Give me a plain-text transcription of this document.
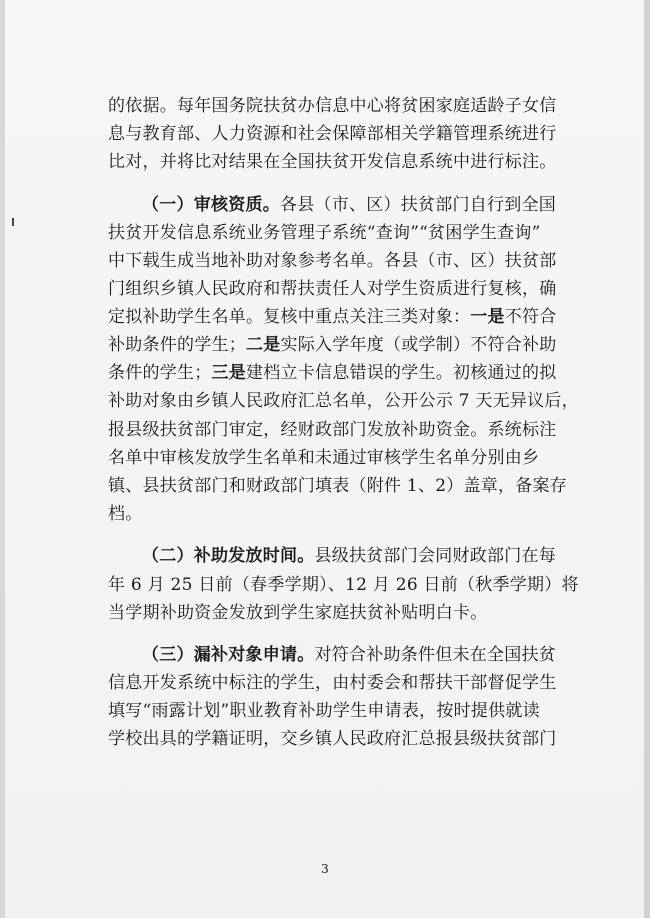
的依据。每年国务院扶贫办信息中心将贫困家庭适龄子女信
息与教育部、人力资源和社会保障部相关学籍管理系统进行
比对，并将比对结果在全国扶贫开发信息系统中进行标注。
（一）审核资质。各县（市、区）扶贫部门自行到全国
扶贫开发信息系统业务管理子系统“查询”“贫困学生查询”
中下载生成当地补助对象参考名单。各县（市、区）扶贫部
门组织乡镇人民政府和帮扶责任人对学生资质进行复核，确
定拟补助学生名单。复核中重点关注三类对象：一是不符合
补助条件的学生；二是实际入学年度（或学制）不符合补助
条件的学生；三是建档立卡信息错误的学生。初核通过的拟
补助对象由乡镇人民政府汇总名单，公开公示 7 天无异议后，
报县级扶贫部门审定，经财政部门发放补助资金。系统标注
名单中审核发放学生名单和未通过审核学生名单分别由乡
镇、县扶贫部门和财政部门填表（附件 1、2）盖章，备案存
档。
（二）补助发放时间。县级扶贫部门会同财政部门在每
年 6 月 25 日前（春季学期）、12 月 26 日前（秋季学期）将
当学期补助资金发放到学生家庭扶贫补贴明白卡。
（三）漏补对象申请。对符合补助条件但未在全国扶贫
信息开发系统中标注的学生，由村委会和帮扶干部督促学生
填写“雨露计划”职业教育补助学生申请表，按时提供就读
学校出具的学籍证明，交乡镇人民政府汇总报县级扶贫部门
3
